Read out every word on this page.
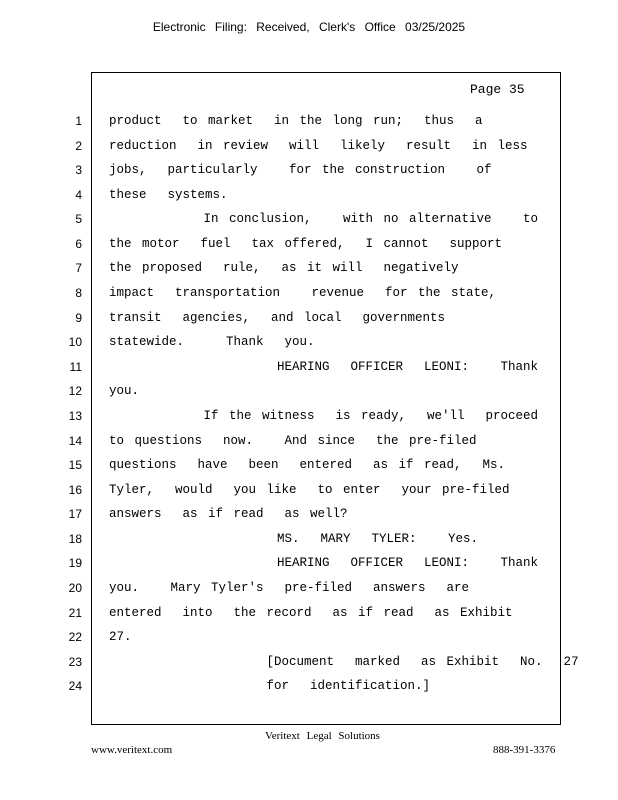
Electronic Filing: Received, Clerk's Office 03/25/2025
Page 35
1 product  to market  in the long run;  thus  a
2 reduction  in review  will  likely  result  in less
3 jobs,  particularly   for the construction   of
4 these  systems.
5 In conclusion,   with no alternative   to
6 the motor  fuel  tax offered,  I cannot  support
7 the proposed  rule,  as it will  negatively
8 impact  transportation   revenue  for the state,
9 transit  agencies,  and local  governments
10 statewide.    Thank  you.
11 HEARING  OFFICER  LEONI:   Thank
12 you.
13 If the witness  is ready,  we'll  proceed
14 to questions  now.   And since  the pre-filed
15 questions  have  been  entered  as if read,  Ms.
16 Tyler,  would  you like  to enter  your pre-filed
17 answers  as if read  as well?
18 MS.  MARY  TYLER:   Yes.
19 HEARING  OFFICER  LEONI:   Thank
20 you.   Mary Tyler's  pre-filed  answers  are
21 entered  into  the record  as if read  as Exhibit
22 27.
23 [Document  marked  as Exhibit  No.  27
24 for  identification.]
Veritext Legal Solutions
www.veritext.com	888-391-3376
